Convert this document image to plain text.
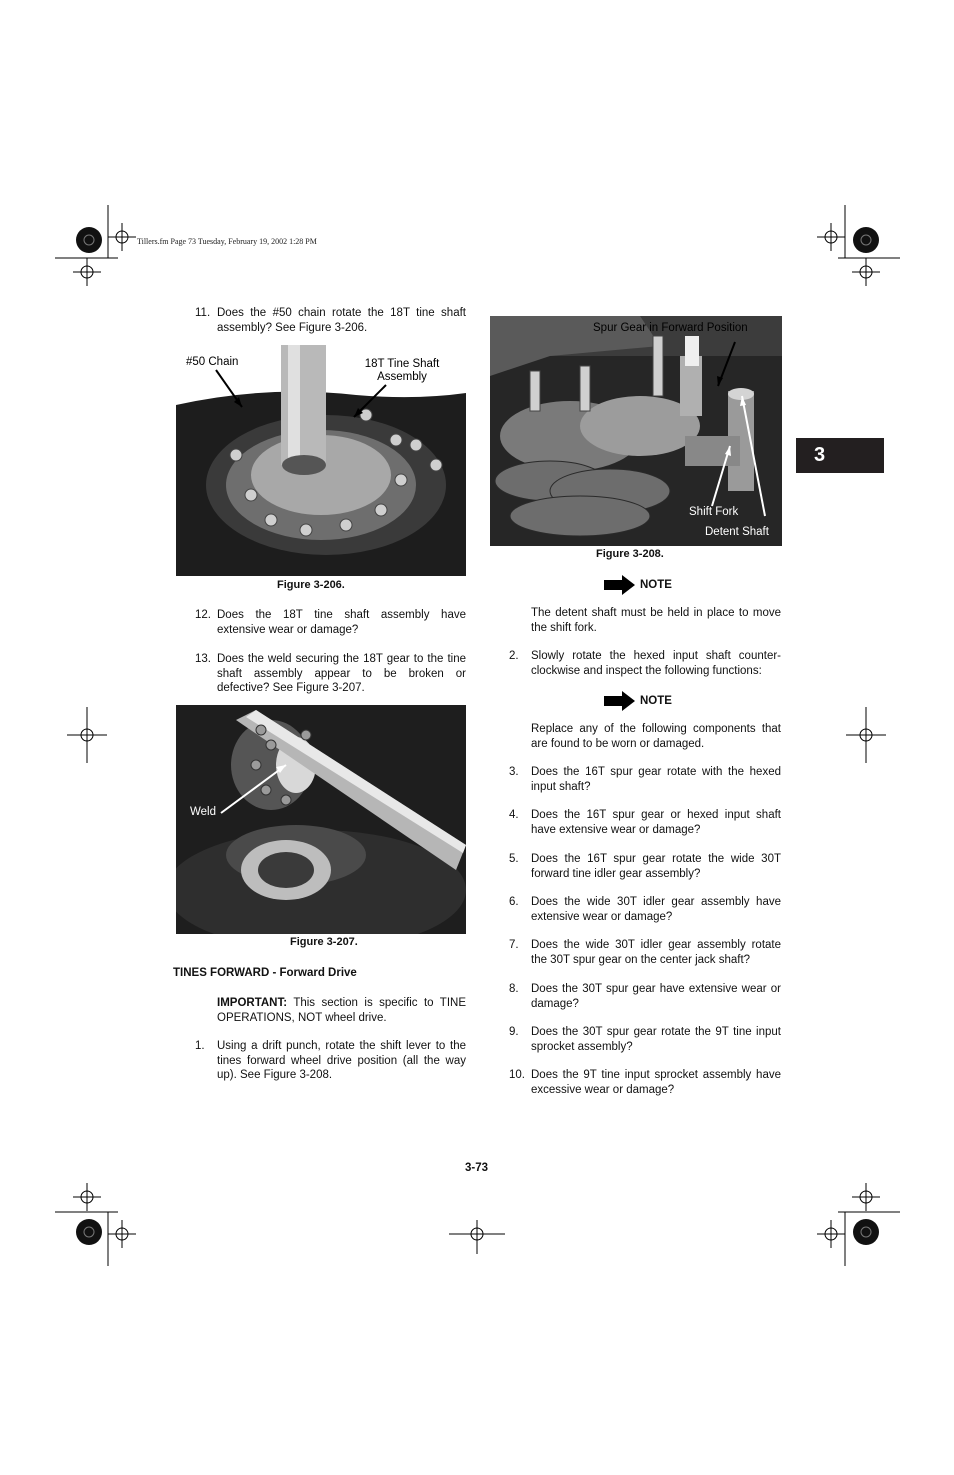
Tillers.fm Page 73 Tuesday, February 19, 2002 1:28 PM
3
11. Does the #50 chain rotate the 18T tine shaft assembly? See Figure 3-206.
#50 Chain	18T Tine Shaft
Assembly
Figure 3-206.
12. Does the 18T tine shaft assembly have extensive wear or damage?
13. Does the weld securing the 18T gear to the tine shaft assembly appear to be broken or defective? See Figure 3-207.
Weld
Figure 3-207.
TINES FORWARD - Forward Drive
IMPORTANT: This section is specific to TINE OPERATIONS, NOT wheel drive.
1.	Using a drift punch, rotate the shift lever to the tines forward wheel drive position (all the way up). See Figure 3-208.
Spur Gear in Forward Position
Shift Fork
Detent Shaft
Figure 3-208.
NOTE
The detent shaft must be held in place to move the shift fork.
2.	Slowly rotate the hexed input shaft counter-clockwise and inspect the following functions:
NOTE
Replace any of the following components that are found to be worn or damaged.
3.	Does the 16T spur gear rotate with the hexed input shaft?
4.	Does the 16T spur gear or hexed input shaft have extensive wear or damage?
5.	Does the 16T spur gear rotate the wide 30T forward tine idler gear assembly?
6.	Does the wide 30T idler gear assembly have extensive wear or damage?
7.	Does the wide 30T idler gear assembly rotate the 30T spur gear on the center jack shaft?
8.	Does the 30T spur gear have extensive wear or damage?
9.	Does the 30T spur gear rotate the 9T tine input sprocket assembly?
10. Does the 9T tine input sprocket assembly have excessive wear or damage?
3-73
